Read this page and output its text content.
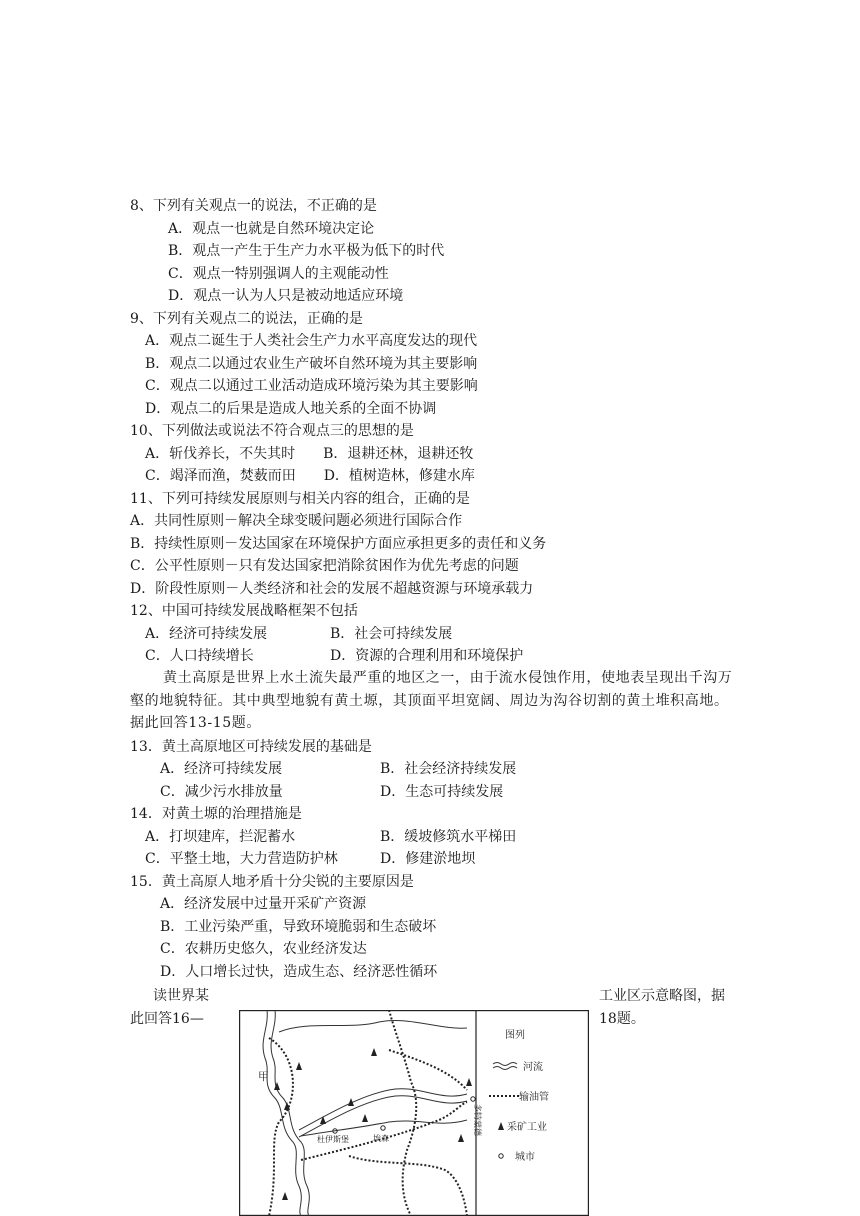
8、下列有关观点一的说法，不正确的是
A．观点一也就是自然环境决定论
B．观点一产生于生产力水平极为低下的时代
C．观点一特别强调人的主观能动性
D．观点一认为人只是被动地适应环境
9、下列有关观点二的说法，正确的是
A．观点二诞生于人类社会生产力水平高度发达的现代
B．观点二以通过农业生产破坏自然环境为其主要影响
C．观点二以通过工业活动造成环境污染为其主要影响
D．观点二的后果是造成人地关系的全面不协调
10、下列做法或说法不符合观点三的思想的是
A．斩伐养长，不失其时　　B．退耕还林，退耕还牧
C．竭泽而渔，焚薮而田　　D．植树造林，修建水库
11、下列可持续发展原则与相关内容的组合，正确的是
A．共同性原则－解决全球变暖问题必须进行国际合作
B．持续性原则－发达国家在环境保护方面应承担更多的责任和义务
C．公平性原则－只有发达国家把消除贫困作为优先考虑的问题
D．阶段性原则－人类经济和社会的发展不超越资源与环境承载力
12、中国可持续发展战略框架不包括
A．经济可持续发展	B．社会可持续发展
C．人口持续增长	D．资源的合理利用和环境保护
黄土高原是世界上水土流失最严重的地区之一，由于流水侵蚀作用，使地表呈现出千沟万壑的地貌特征。其中典型地貌有黄土塬，其顶面平坦宽阔、周边为沟谷切割的黄土堆积高地。据此回答13-15题。
13．黄土高原地区可持续发展的基础是
A．经济可持续发展	B．社会经济持续发展
C．减少污水排放量	D．生态可持续发展
14．对黄土塬的治理措施是
A．打坝建库，拦泥蓄水	B．缓坡修筑水平梯田
C．平整土地，大力营造防护林	D．修建淤地坝
15．黄土高原人地矛盾十分尖锐的主要原因是
A．经济发展中过量开采矿产资源
B．工业污染严重，导致环境脆弱和生态破坏
C．农耕历史悠久，农业经济发达
D．人口增长过快，造成生态、经济恶性循环
读世界某
此回答16—
工业区示意略图，据
18题。
甲
杜伊斯堡	埃森
多特蒙德
图列
河流
输油管
采矿工业
城市
